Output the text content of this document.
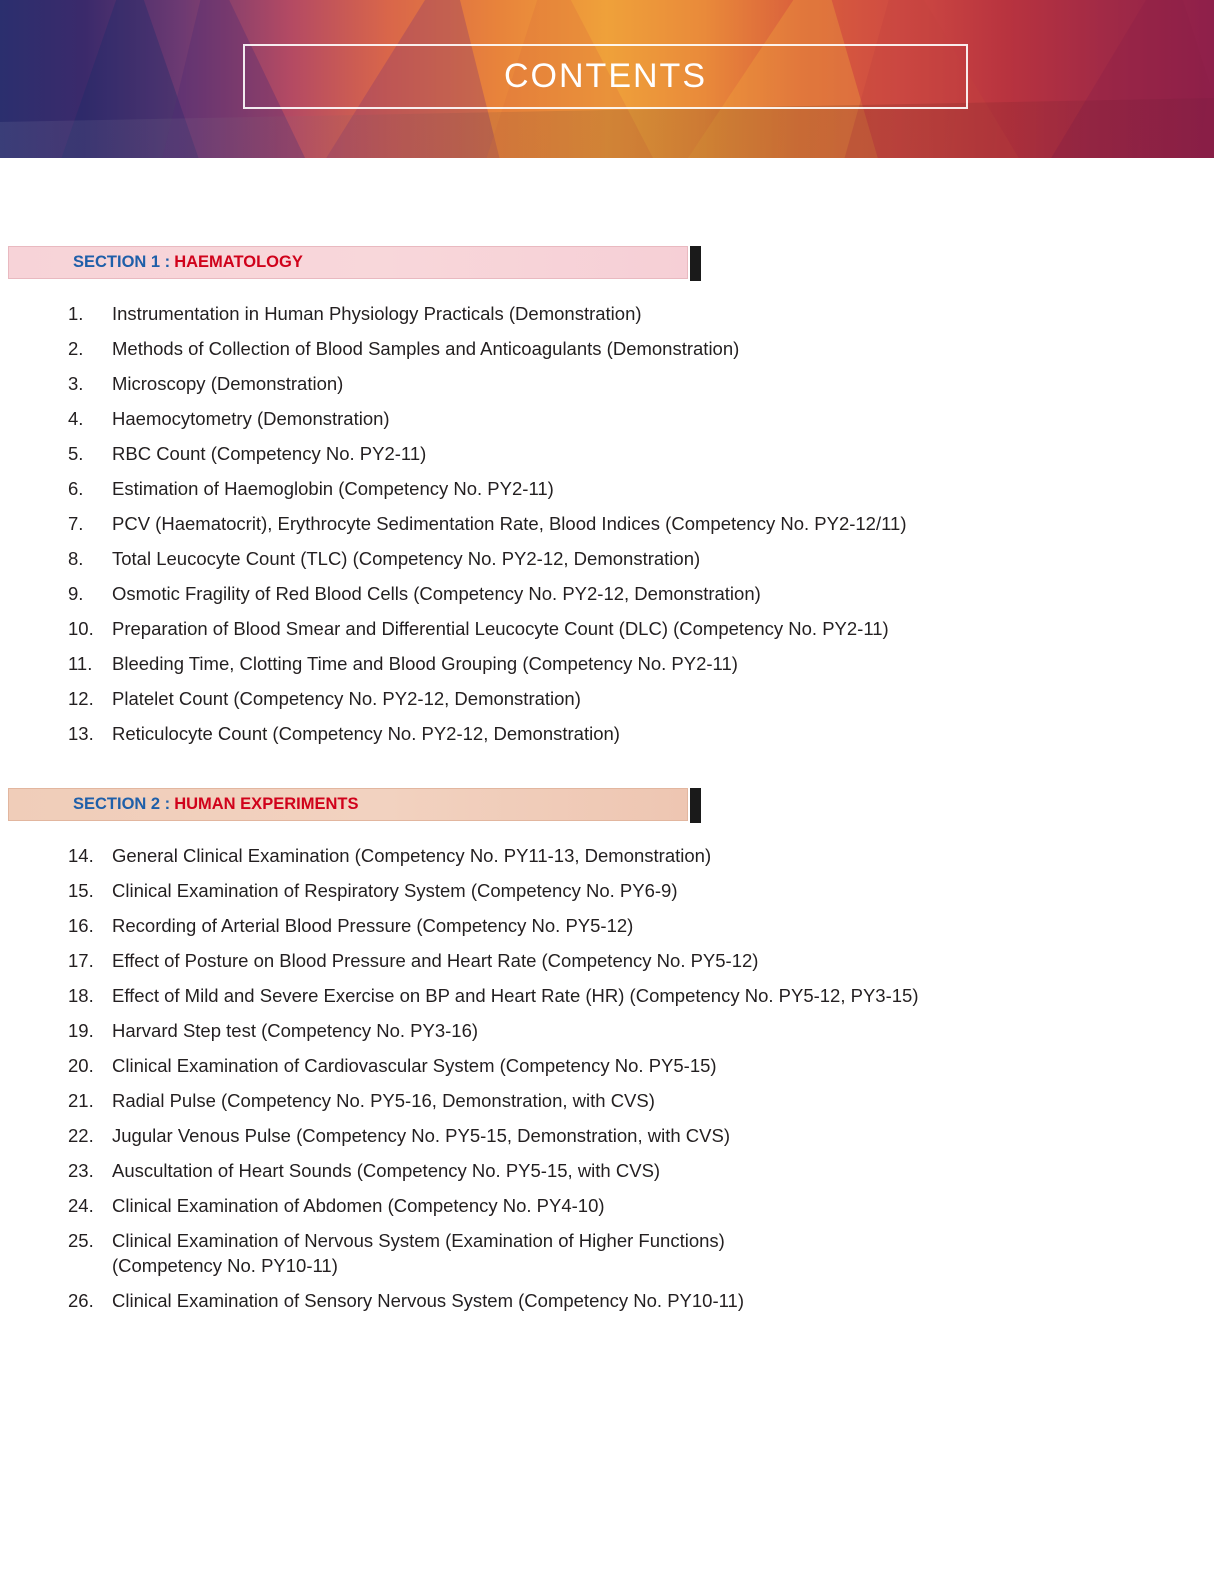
CONTENTS
SECTION 1 : HAEMATOLOGY
1.	Instrumentation in Human Physiology Practicals (Demonstration)
2.	Methods of Collection of Blood Samples and Anticoagulants (Demonstration)
3.	Microscopy (Demonstration)
4.	Haemocytometry (Demonstration)
5.	RBC Count (Competency No. PY2-11)
6.	Estimation of Haemoglobin (Competency No. PY2-11)
7.	PCV (Haematocrit), Erythrocyte Sedimentation Rate, Blood Indices (Competency No. PY2-12/11)
8.	Total Leucocyte Count (TLC) (Competency No. PY2-12, Demonstration)
9.	Osmotic Fragility of Red Blood Cells (Competency No. PY2-12, Demonstration)
10. Preparation of Blood Smear and Differential Leucocyte Count (DLC) (Competency No. PY2-11)
11.	Bleeding Time, Clotting Time and Blood Grouping (Competency No. PY2-11)
12. Platelet Count (Competency No. PY2-12, Demonstration)
13. Reticulocyte Count (Competency No. PY2-12, Demonstration)
SECTION 2 : HUMAN EXPERIMENTS
14. General Clinical Examination (Competency No. PY11-13, Demonstration)
15. Clinical Examination of Respiratory System (Competency No. PY6-9)
16. Recording of Arterial Blood Pressure (Competency No. PY5-12)
17. Effect of Posture on Blood Pressure and Heart Rate (Competency No. PY5-12)
18. Effect of Mild and Severe Exercise on BP and Heart Rate (HR) (Competency No. PY5-12, PY3-15)
19. Harvard Step test (Competency No. PY3-16)
20. Clinical Examination of Cardiovascular System (Competency No. PY5-15)
21. Radial Pulse (Competency No. PY5-16, Demonstration, with CVS)
22. Jugular Venous Pulse (Competency No. PY5-15, Demonstration, with CVS)
23. Auscultation of Heart Sounds (Competency No. PY5-15, with CVS)
24. Clinical Examination of Abdomen (Competency No. PY4-10)
25. Clinical Examination of Nervous System (Examination of Higher Functions)
(Competency No. PY10-11)
26. Clinical Examination of Sensory Nervous System (Competency No. PY10-11)
